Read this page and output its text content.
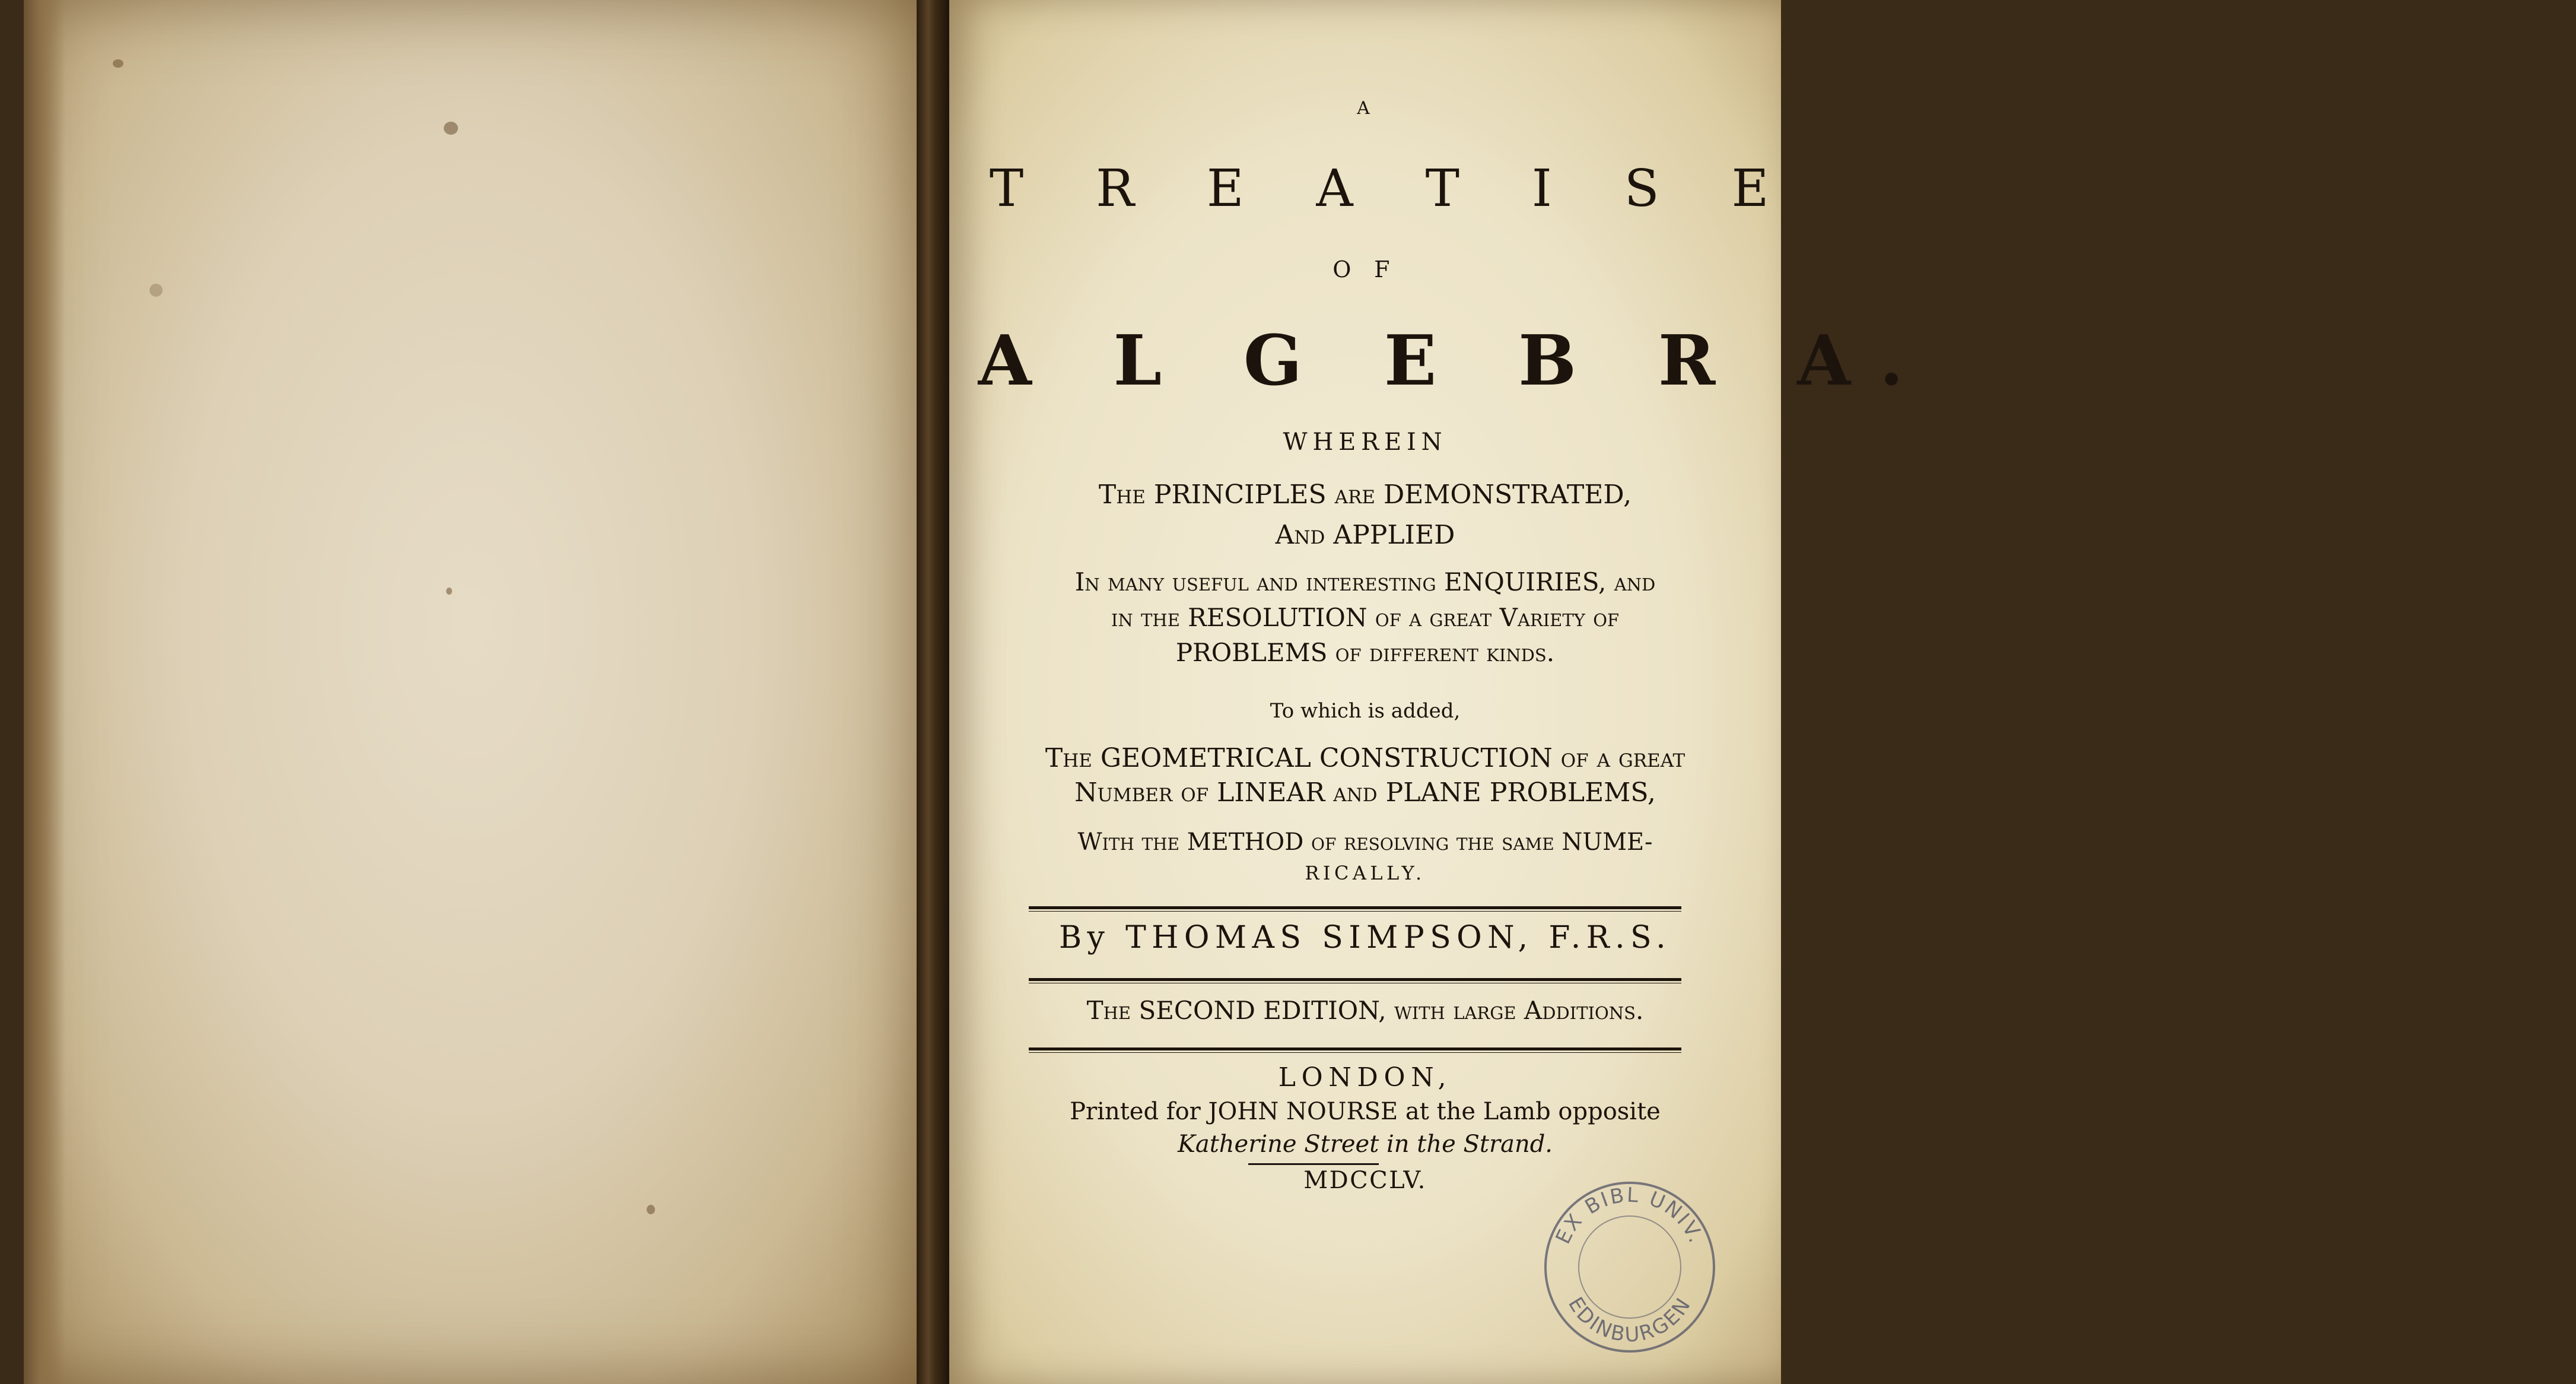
A
T R E A T I S E
O F
A L G E B R A.
WHEREIN
The PRINCIPLES are DEMONSTRATED,
And APPLIED
In many useful and interesting ENQUIRIES, and
in the RESOLUTION of a great Variety of
PROBLEMS of different kinds.
To which is added,
The GEOMETRICAL CONSTRUCTION of a great
Number of LINEAR and PLANE PROBLEMS,
With the METHOD of resolving the same NUME-
RICALLY.
By THOMAS SIMPSON, F.R.S.
The SECOND EDITION, with large Additions.
LONDON,
Printed for JOHN NOURSE at the Lamb opposite
Katherine Street in the Strand.
MDCCLV.
EX BIBL UNIV.
EDINBURGEN
